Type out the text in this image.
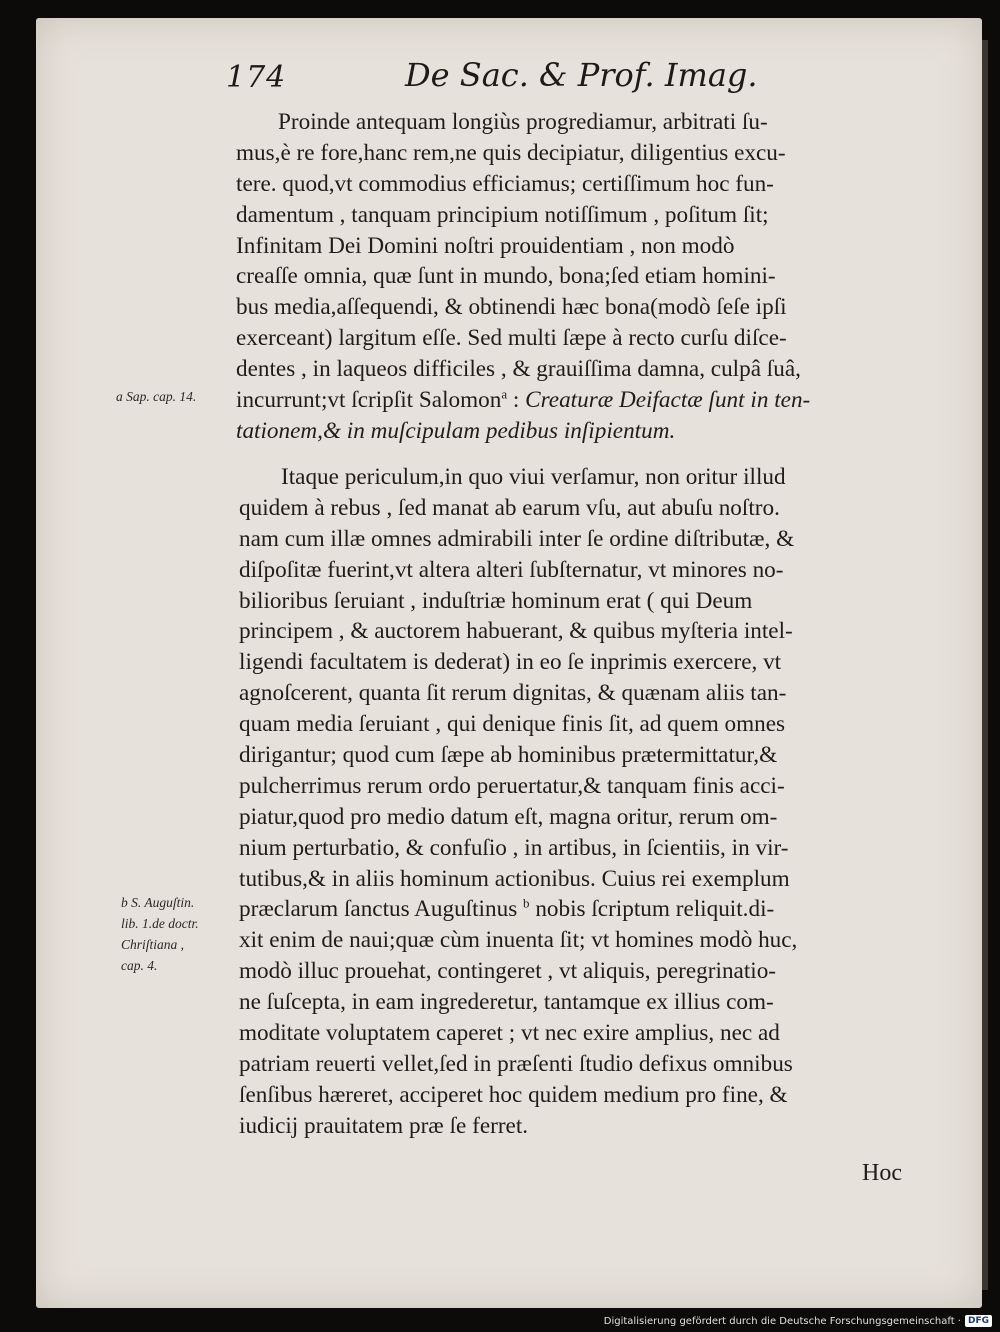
174	De Sac. & Prof. Imag.
Proinde antequam longiùs progrediamur, arbitrati ſu-
mus,è re fore,hanc rem,ne quis decipiatur, diligentius excu-
tere. quod,vt commodius efficiamus; certiſſimum hoc fun-
damentum , tanquam principium notiſſimum , poſitum ſit;
Infinitam Dei Domini noſtri prouidentiam , non modò
creaſſe omnia, quæ ſunt in mundo, bona;ſed etiam homini-
bus media,aſſequendi, & obtinendi hæc bona(modò ſeſe ipſi
exerceant) largitum eſſe. Sed multi ſæpe à recto curſu diſce-
dentes , in laqueos difficiles , & grauiſſima damna, culpâ ſuâ,
incurrunt;vt ſcripſit Salomon$^a$ : Creaturæ Deifactæ ſunt in ten-
tationem,& in muſcipulam pedibus inſipientum.
Itaque periculum,in quo viui verſamur, non oritur illud
quidem à rebus , ſed manat ab earum vſu, aut abuſu noſtro.
nam cum illæ omnes admirabili inter ſe ordine diſtributæ, &
diſpoſitæ fuerint,vt altera alteri ſubſternatur, vt minores no-
bilioribus ſeruiant , induſtriæ hominum erat ( qui Deum
principem , & auctorem habuerant, & quibus myſteria intel-
ligendi facultatem is dederat) in eo ſe inprimis exercere, vt
agnoſcerent, quanta ſit rerum dignitas, & quænam aliis tan-
quam media ſeruiant , qui denique finis ſit, ad quem omnes
dirigantur; quod cum ſæpe ab hominibus prætermittatur,&
pulcherrimus rerum ordo peruertatur,& tanquam finis acci-
piatur,quod pro medio datum eſt, magna oritur, rerum om-
nium perturbatio, & confuſio , in artibus, in ſcientiis, in vir-
tutibus,& in aliis hominum actionibus. Cuius rei exemplum
præclarum ſanctus Auguſtinus $^b$ nobis ſcriptum reliquit.di-
xit enim de naui;quæ cùm inuenta ſit; vt homines modò huc,
modò illuc prouehat, contingeret , vt aliquis, peregrinatio-
ne ſuſcepta, in eam ingrederetur, tantamque ex illius com-
moditate voluptatem caperet ; vt nec exire amplius, nec ad
patriam reuerti vellet,ſed in præſenti ſtudio defixus omnibus
ſenſibus hæreret, acciperet hoc quidem medium pro fine, &
iudicij prauitatem præ ſe ferret.
a Sap. cap. 14.
b S. Auguſtin.
lib. 1.de doctr.
Chriſtiana ,
cap. 4.
Hoc
Digitalisierung gefördert durch die Deutsche Forschungsgemeinschaft · DFG
